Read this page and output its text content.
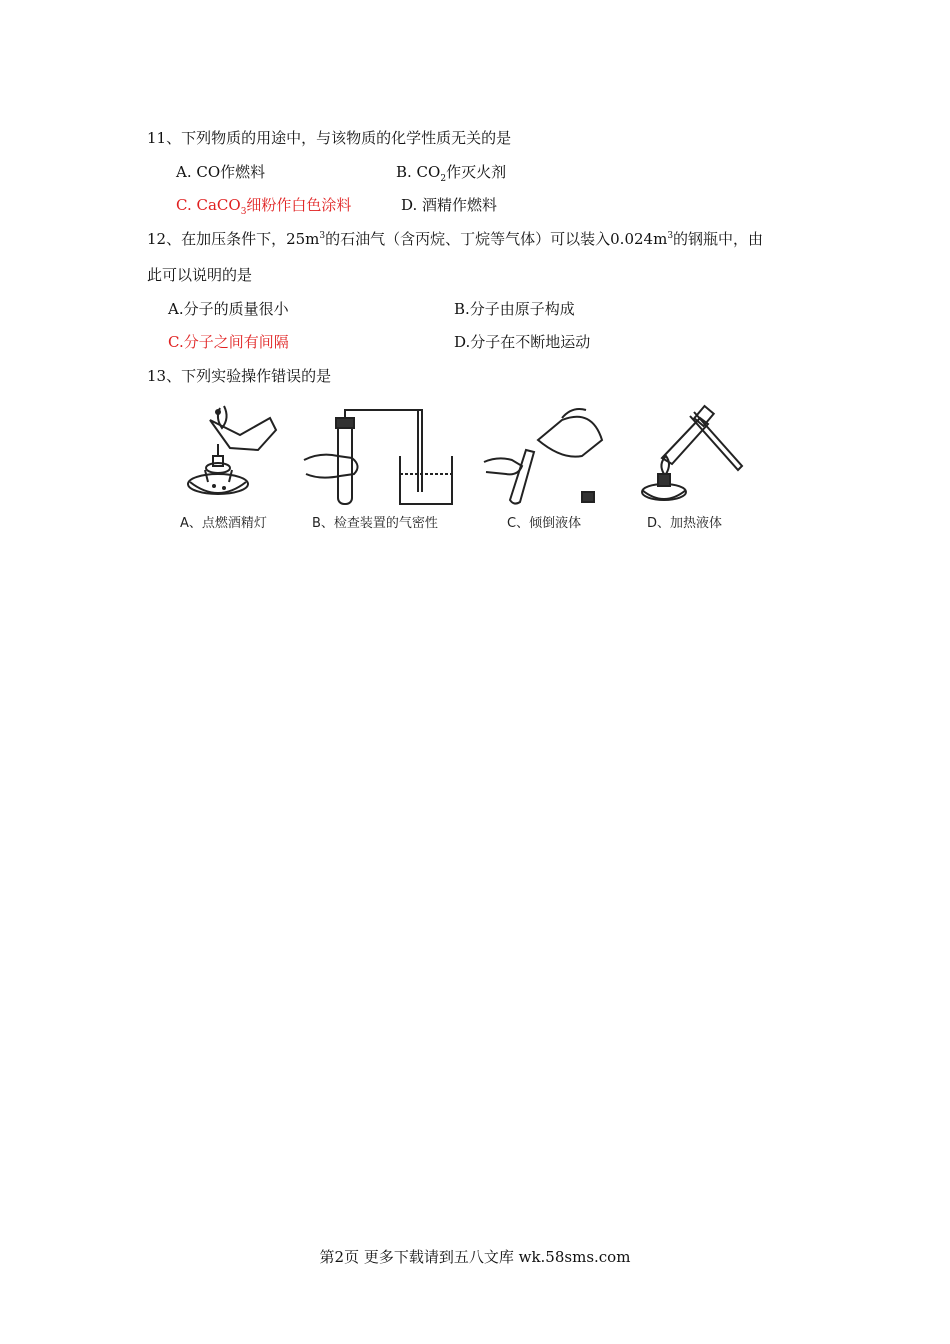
11、下列物质的用途中，与该物质的化学性质无关的是
A. CO作燃料	B. $CO_2$作灭火剂
C. CaCO$_3$细粉作白色涂料	D. 酒精作燃料
12、在加压条件下，$25m^3$的石油气（含丙烷、丁烷等气体）可以装入$0.024m^3$的钢瓶中，由
此可以说明的是
A.分子的质量很小	B.分子由原子构成
C.分子之间有间隔	D.分子在不断地运动
13、下列实验操作错误的是
A、点燃酒精灯	B、检查装置的气密性	C、倾倒液体	D、加热液体
第2页 更多下载请到五八文库 wk.58sms.com
